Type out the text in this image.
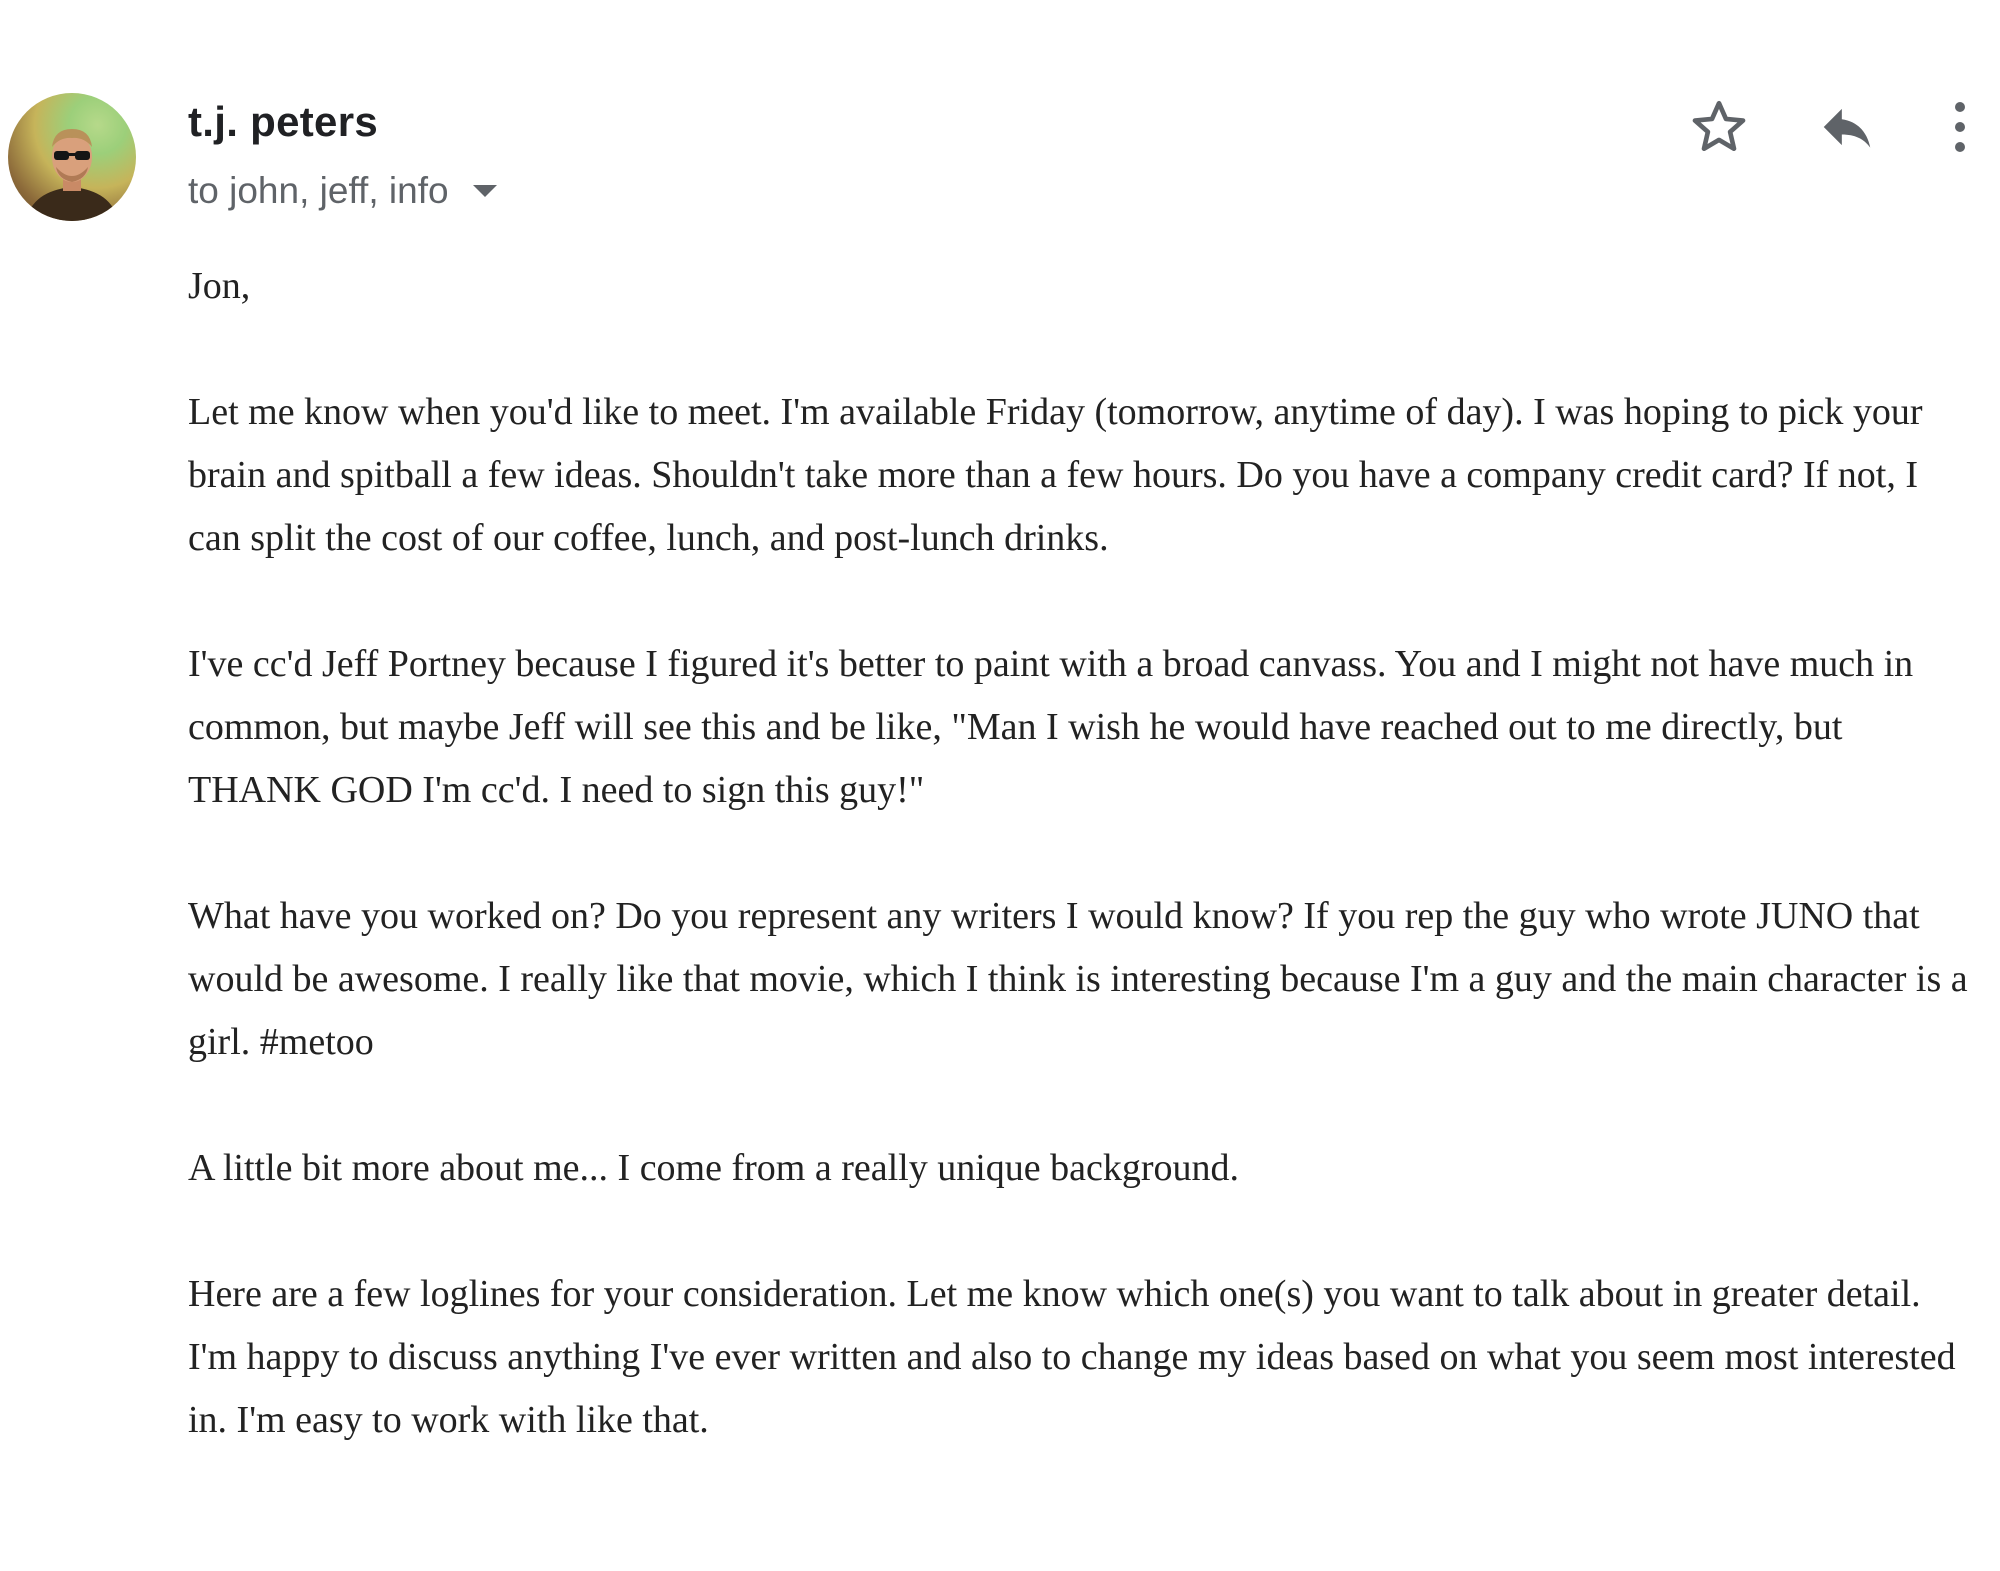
t.j. peters
to john, jeff, info

Jon,

Let me know when you'd like to meet. I'm available Friday (tomorrow, anytime of day). I was hoping to pick your brain and spitball a few ideas. Shouldn't take more than a few hours. Do you have a company credit card? If not, I can split the cost of our coffee, lunch, and post-lunch drinks.

I've cc'd Jeff Portney because I figured it's better to paint with a broad canvass. You and I might not have much in common, but maybe Jeff will see this and be like, "Man I wish he would have reached out to me directly, but THANK GOD I'm cc'd. I need to sign this guy!"

What have you worked on? Do you represent any writers I would know? If you rep the guy who wrote JUNO that would be awesome. I really like that movie, which I think is interesting because I'm a guy and the main character is a girl. #metoo

A little bit more about me... I come from a really unique background.

Here are a few loglines for your consideration. Let me know which one(s) you want to talk about in greater detail. I'm happy to discuss anything I've ever written and also to change my ideas based on what you seem most interested in. I'm easy to work with like that.
